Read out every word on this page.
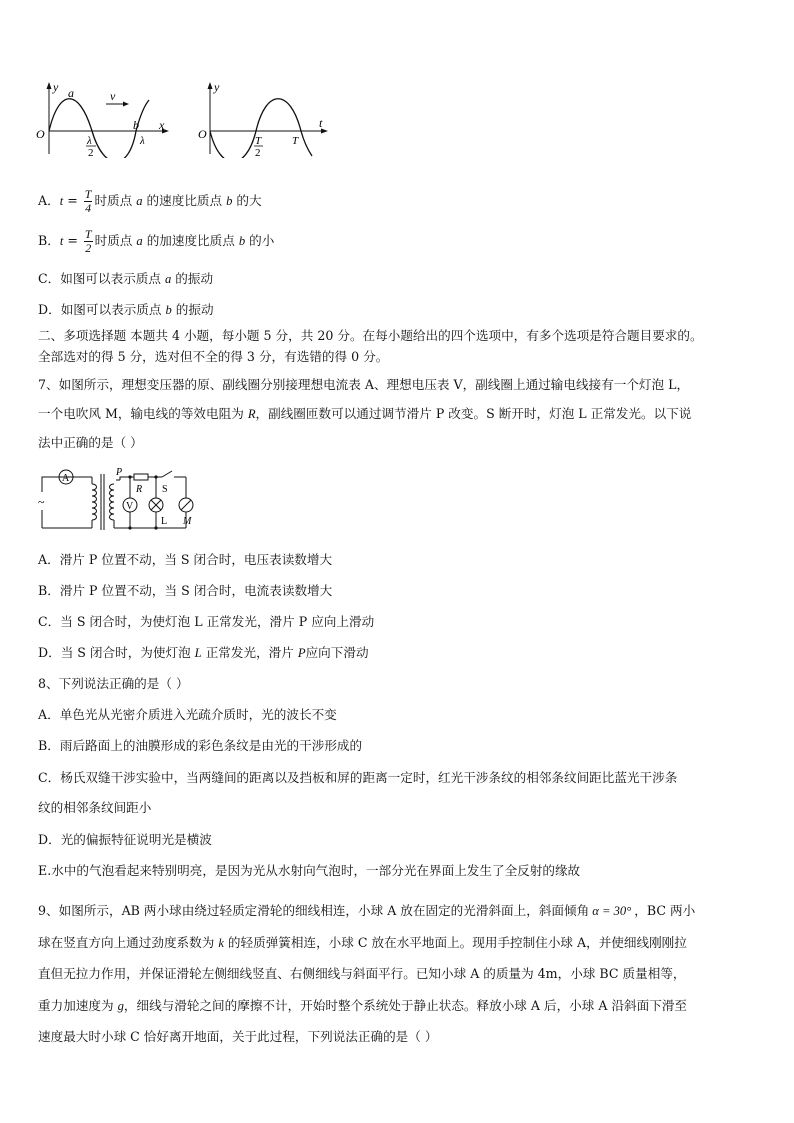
y a	v
b x
O	λ
2
λ
y
t
O	T
2
T
A．$t = \frac{T}{4}$ 时质点 a 的速度比质点 b 的大
B．$t = \frac{T}{2}$ 时质点 a 的加速度比质点 b 的小
C．如图可以表示质点 a 的振动
D．如图可以表示质点 b 的振动
二、多项选择题 本题共 4 小题，每小题 5 分，共 20 分。在每小题给出的四个选项中，有多个选项是符合题目要求的。
全部选对的得 5 分，选对但不全的得 3 分，有选错的得 0 分。
7、如图所示，理想变压器的原、副线圈分别接理想电流表 A、理想电压表 V，副线圈上通过输电线接有一个灯泡 L，
一个电吹风 M，输电线的等效电阻为 R，副线圈匝数可以通过调节滑片 P 改变。S 断开时，灯泡 L 正常发光。以下说
法中正确的是（ ）
A
V
~
P
R S
L M
A．滑片 P 位置不动，当 S 闭合时，电压表读数增大
B．滑片 P 位置不动，当 S 闭合时，电流表读数增大
C．当 S 闭合时，为使灯泡 L 正常发光，滑片 P 应向上滑动
D．当 S 闭合时，为使灯泡 L 正常发光，滑片 P应向下滑动
8、下列说法正确的是（ ）
A．单色光从光密介质进入光疏介质时，光的波长不变
B．雨后路面上的油膜形成的彩色条纹是由光的干涉形成的
C．杨氏双缝干涉实验中，当两缝间的距离以及挡板和屏的距离一定时，红光干涉条纹的相邻条纹间距比蓝光干涉条
纹的相邻条纹间距小
D．光的偏振特征说明光是横波
E.水中的气泡看起来特别明亮，是因为光从水射向气泡时，一部分光在界面上发生了全反射的缘故
9、如图所示，AB 两小球由绕过轻质定滑轮的细线相连，小球 A 放在固定的光滑斜面上，斜面倾角 α = 30° ，BC 两小
球在竖直方向上通过劲度系数为 k 的轻质弹簧相连，小球 C 放在水平地面上。现用手控制住小球 A，并使细线刚刚拉
直但无拉力作用，并保证滑轮左侧细线竖直、右侧细线与斜面平行。已知小球 A 的质量为 4m，小球 BC 质量相等，
重力加速度为 g，细线与滑轮之间的摩擦不计，开始时整个系统处于静止状态。释放小球 A 后，小球 A 沿斜面下滑至
速度最大时小球 C 恰好离开地面，关于此过程，下列说法正确的是（ ）
